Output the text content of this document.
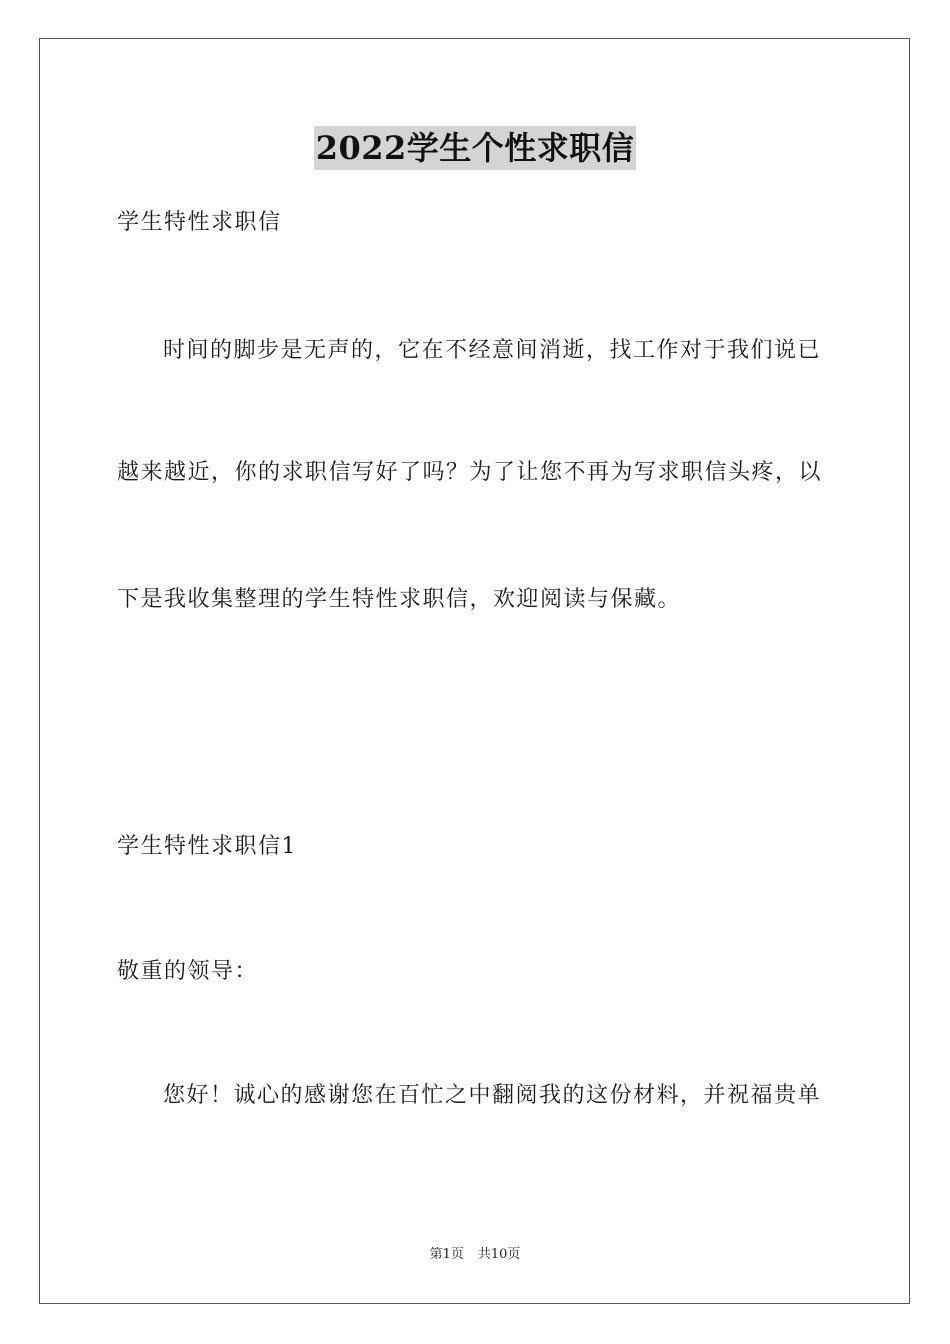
2022学生个性求职信
学生特性求职信
时间的脚步是无声的，它在不经意间消逝，找工作对于我们说已
越来越近，你的求职信写好了吗？为了让您不再为写求职信头疼，以
下是我收集整理的学生特性求职信，欢迎阅读与保藏。
学生特性求职信1
敬重的领导：
您好！诚心的感谢您在百忙之中翻阅我的这份材料，并祝福贵单
第1页 共10页
